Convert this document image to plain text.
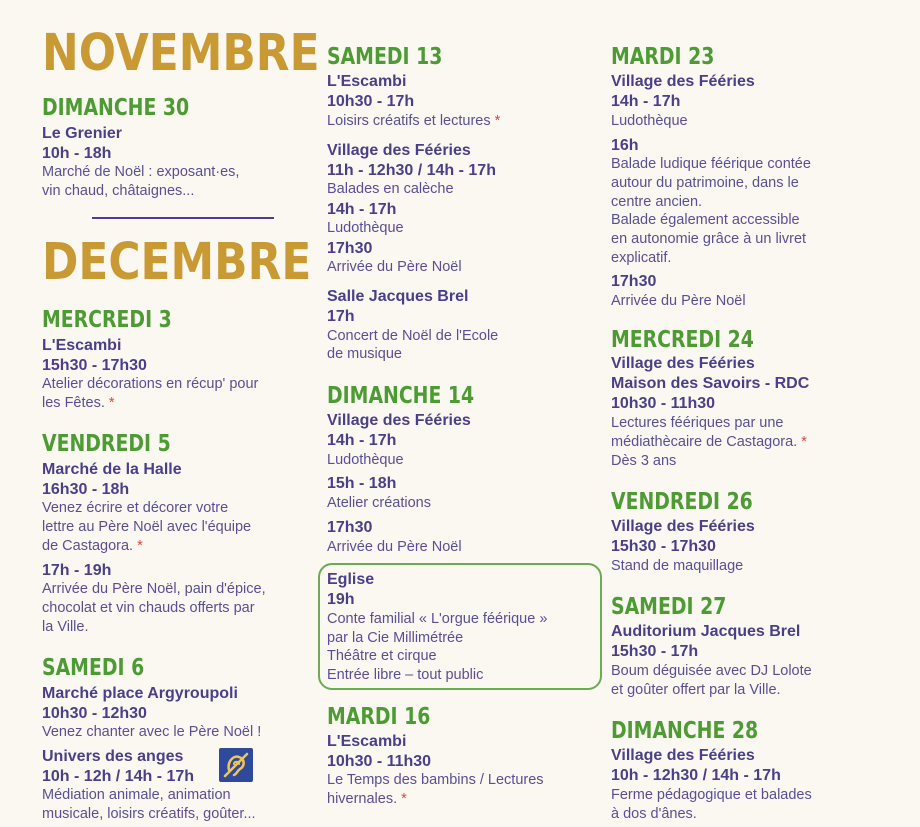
NOVEMBRE
DIMANCHE 30
Le Grenier
10h - 18h
Marché de Noël : exposant·es,
vin chaud, châtaignes...
DECEMBRE
MERCREDI 3
L'Escambi
15h30 - 17h30
Atelier décorations en récup' pour
les Fêtes. *
VENDREDI 5
Marché de la Halle
16h30 - 18h
Venez écrire et décorer votre
lettre au Père Noël avec l'équipe
de Castagora. *
17h - 19h
Arrivée du Père Noël, pain d'épice,
chocolat et vin chauds offerts par
la Ville.
SAMEDI 6
Marché place Argyroupoli
10h30 - 12h30
Venez chanter avec le Père Noël !
Univers des anges
10h - 12h / 14h - 17h
Médiation animale, animation
musicale, loisirs créatifs, goûter...
SAMEDI 13
L'Escambi
10h30 - 17h
Loisirs créatifs et lectures *
Village des Fééries
11h - 12h30 / 14h - 17h
Balades en calèche
14h - 17h
Ludothèque
17h30
Arrivée du Père Noël
Salle Jacques Brel
17h
Concert de Noël de l'Ecole
de musique
DIMANCHE 14
Village des Fééries
14h - 17h
Ludothèque
15h - 18h
Atelier créations
17h30
Arrivée du Père Noël
Eglise
19h
Conte familial « L'orgue féérique »
par la Cie Millimétrée
Théâtre et cirque
Entrée libre – tout public
MARDI 16
L'Escambi
10h30 - 11h30
Le Temps des bambins / Lectures
hivernales. *
MARDI 23
Village des Fééries
14h - 17h
Ludothèque
16h
Balade ludique féérique contée
autour du patrimoine, dans le
centre ancien.
Balade également accessible
en autonomie grâce à un livret
explicatif.
17h30
Arrivée du Père Noël
MERCREDI 24
Village des Fééries
Maison des Savoirs - RDC
10h30 - 11h30
Lectures féériques par une
médiathècaire de Castagora. *
Dès 3 ans
VENDREDI 26
Village des Fééries
15h30 - 17h30
Stand de maquillage
SAMEDI 27
Auditorium Jacques Brel
15h30 - 17h
Boum déguisée avec DJ Lolote
et goûter offert par la Ville.
DIMANCHE 28
Village des Fééries
10h - 12h30 / 14h - 17h
Ferme pédagogique et balades
à dos d'ânes.
